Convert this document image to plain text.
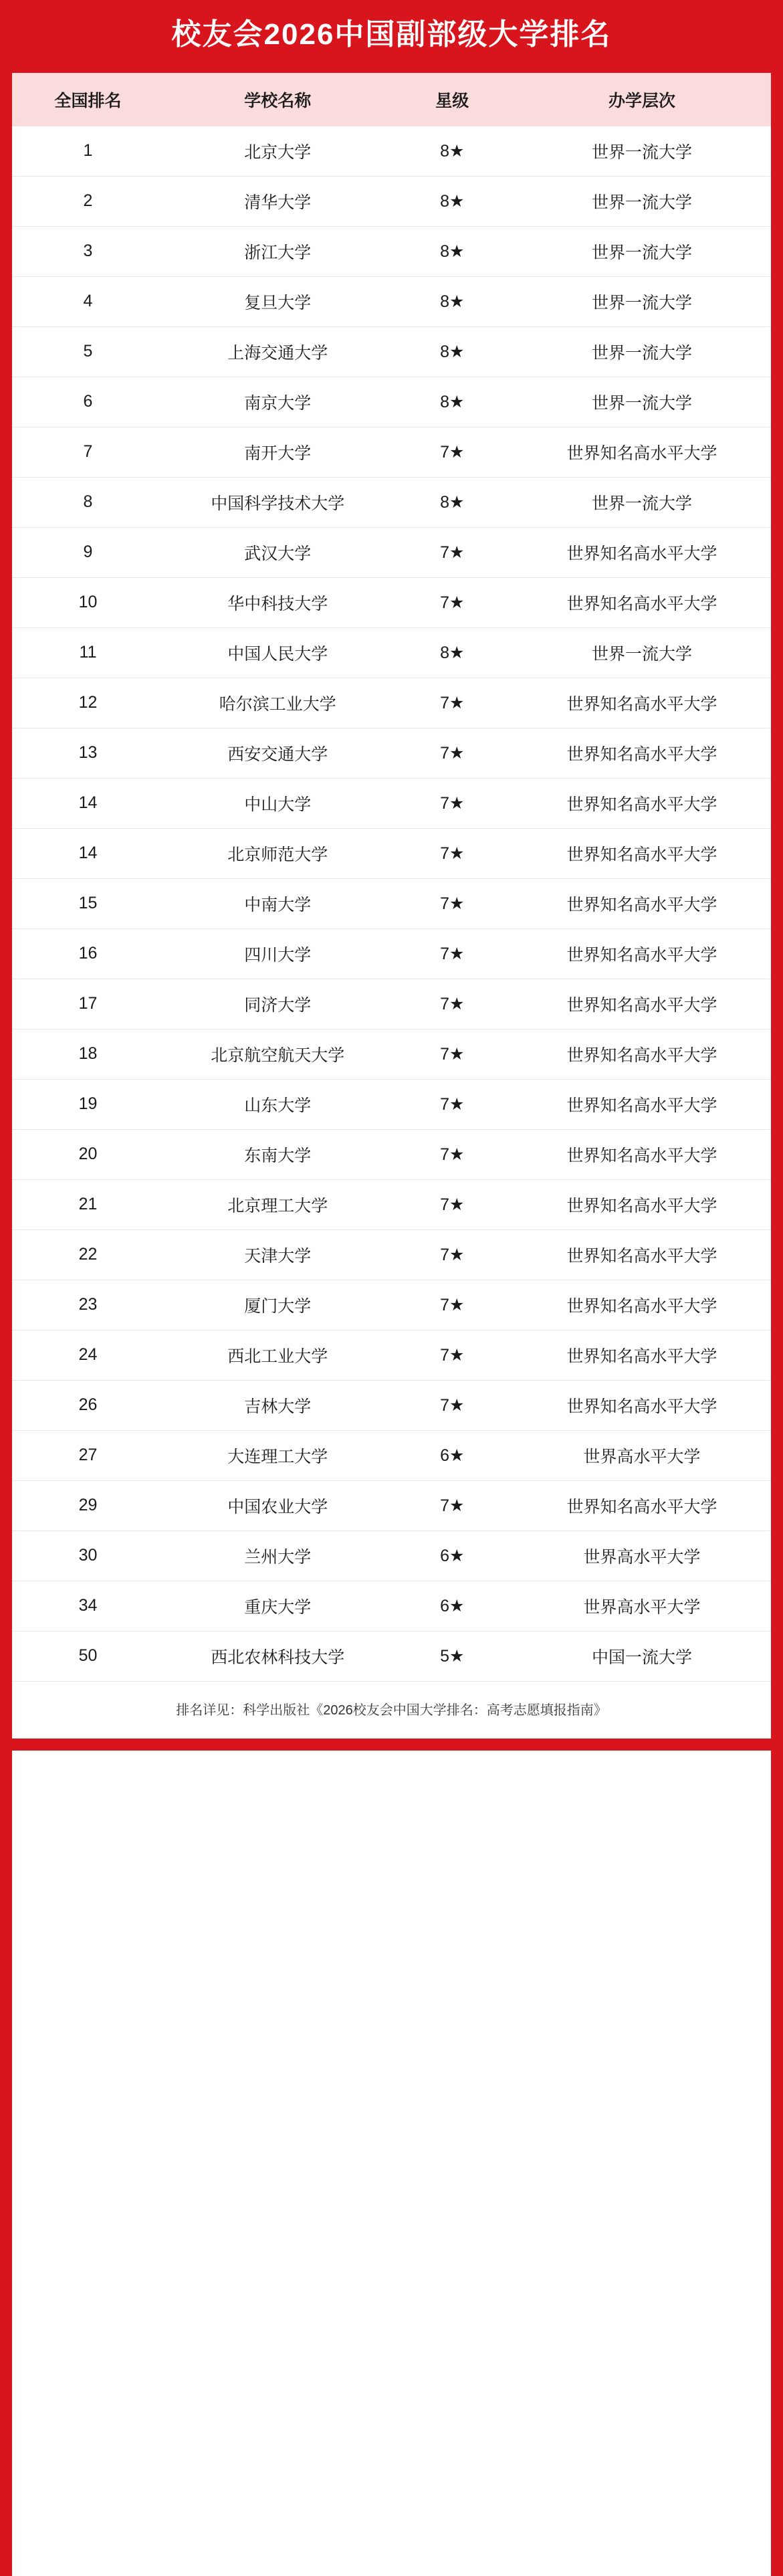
校友会2026中国副部级大学排名
全国排名	学校名称	星级	办学层次
1	北京大学	8★	世界一流大学
2	清华大学	8★	世界一流大学
3	浙江大学	8★	世界一流大学
4	复旦大学	8★	世界一流大学
5	上海交通大学	8★	世界一流大学
6	南京大学	8★	世界一流大学
7	南开大学	7★	世界知名高水平大学
8	中国科学技术大学	8★	世界一流大学
9	武汉大学	7★	世界知名高水平大学
10	华中科技大学	7★	世界知名高水平大学
11	中国人民大学	8★	世界一流大学
12	哈尔滨工业大学	7★	世界知名高水平大学
13	西安交通大学	7★	世界知名高水平大学
14	中山大学	7★	世界知名高水平大学
14	北京师范大学	7★	世界知名高水平大学
15	中南大学	7★	世界知名高水平大学
16	四川大学	7★	世界知名高水平大学
17	同济大学	7★	世界知名高水平大学
18	北京航空航天大学	7★	世界知名高水平大学
19	山东大学	7★	世界知名高水平大学
20	东南大学	7★	世界知名高水平大学
21	北京理工大学	7★	世界知名高水平大学
22	天津大学	7★	世界知名高水平大学
23	厦门大学	7★	世界知名高水平大学
24	西北工业大学	7★	世界知名高水平大学
26	吉林大学	7★	世界知名高水平大学
27	大连理工大学	6★	世界高水平大学
29	中国农业大学	7★	世界知名高水平大学
30	兰州大学	6★	世界高水平大学
34	重庆大学	6★	世界高水平大学
50	西北农林科技大学	5★	中国一流大学
排名详见：科学出版社《2026校友会中国大学排名：高考志愿填报指南》
